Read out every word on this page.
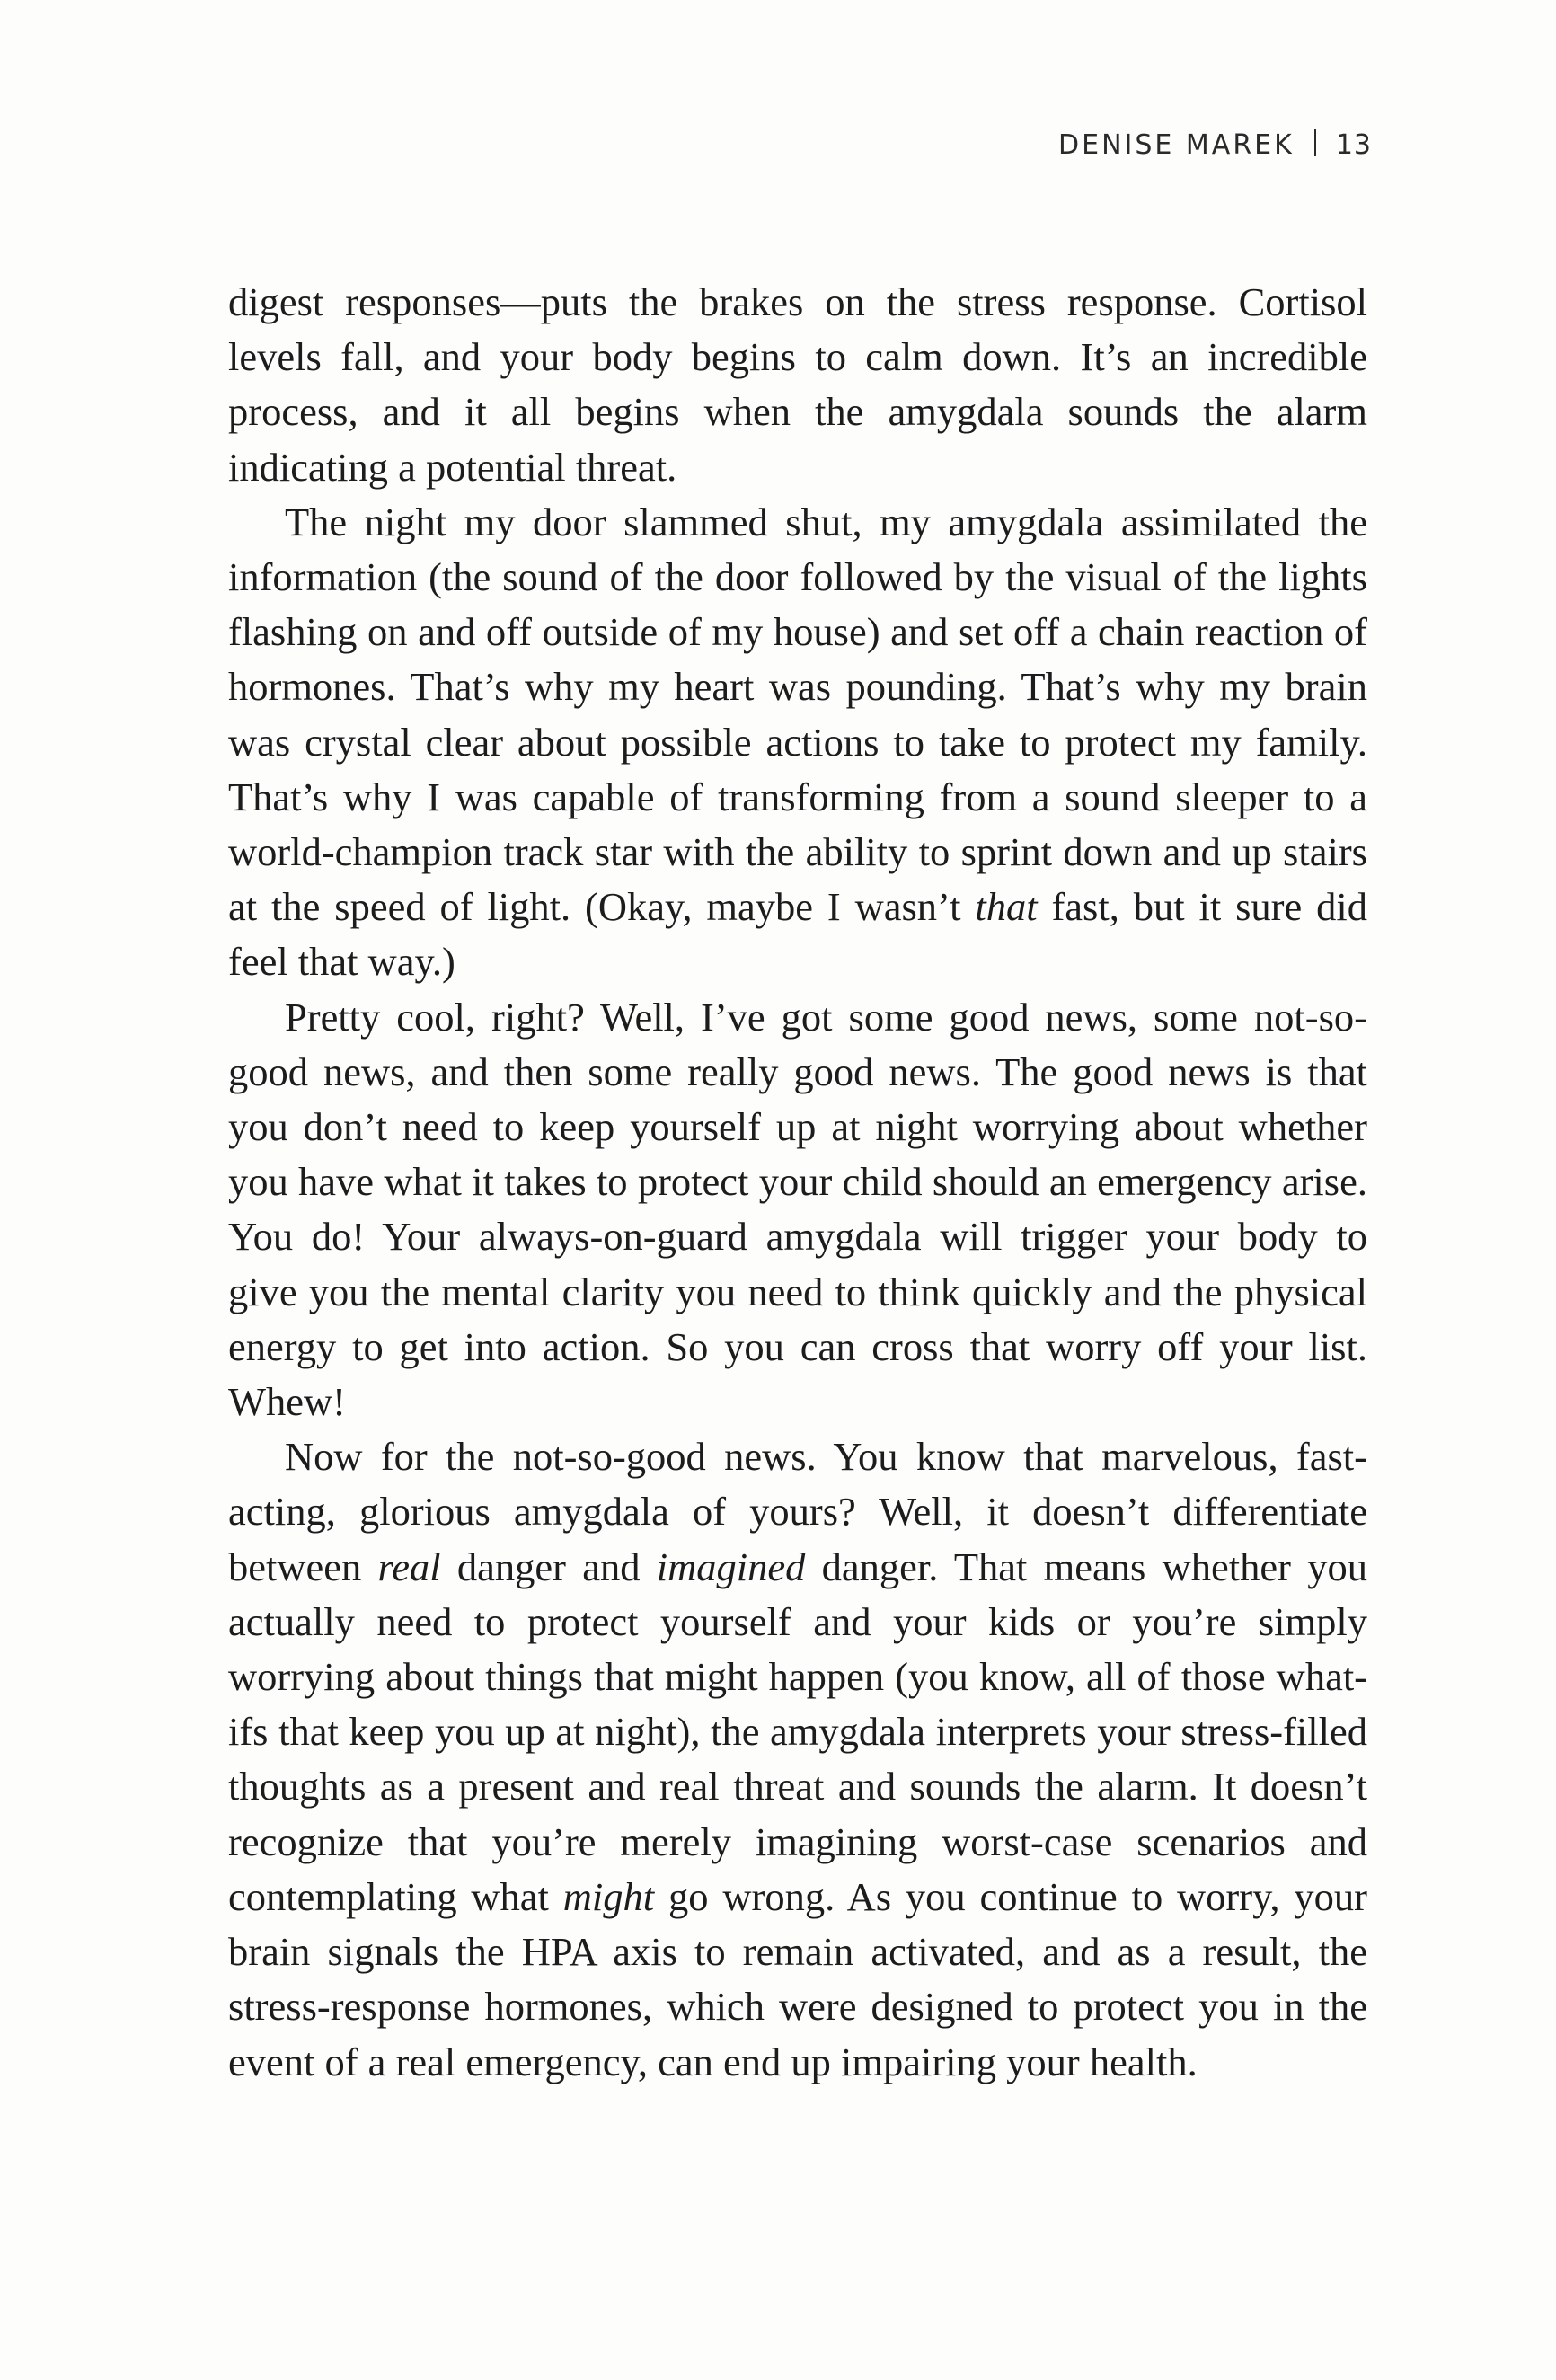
DENISE MAREK 13

digest responses—puts the brakes on the stress response. Cortisol levels fall, and your body begins to calm down. It’s an incredible process, and it all begins when the amygdala sounds the alarm indicating a potential threat.

The night my door slammed shut, my amygdala assimilated the information (the sound of the door followed by the visual of the lights flashing on and off outside of my house) and set off a chain reaction of hormones. That’s why my heart was pounding. That’s why my brain was crystal clear about possible actions to take to protect my family. That’s why I was capable of transforming from a sound sleeper to a world-champion track star with the ability to sprint down and up stairs at the speed of light. (Okay, maybe I wasn’t that fast, but it sure did feel that way.)

Pretty cool, right? Well, I’ve got some good news, some not-so-good news, and then some really good news. The good news is that you don’t need to keep yourself up at night worrying about whether you have what it takes to protect your child should an emergency arise. You do! Your always-on-guard amygdala will trigger your body to give you the mental clarity you need to think quickly and the physical energy to get into action. So you can cross that worry off your list. Whew!

Now for the not-so-good news. You know that marvelous, fast-acting, glorious amygdala of yours? Well, it doesn’t differentiate between real danger and imagined danger. That means whether you actually need to protect yourself and your kids or you’re simply worrying about things that might happen (you know, all of those what-ifs that keep you up at night), the amygdala interprets your stress-filled thoughts as a present and real threat and sounds the alarm. It doesn’t recognize that you’re merely imagining worst-case scenarios and contemplating what might go wrong. As you continue to worry, your brain signals the HPA axis to remain activated, and as a result, the stress-response hormones, which were designed to protect you in the event of a real emergency, can end up impairing your health.
